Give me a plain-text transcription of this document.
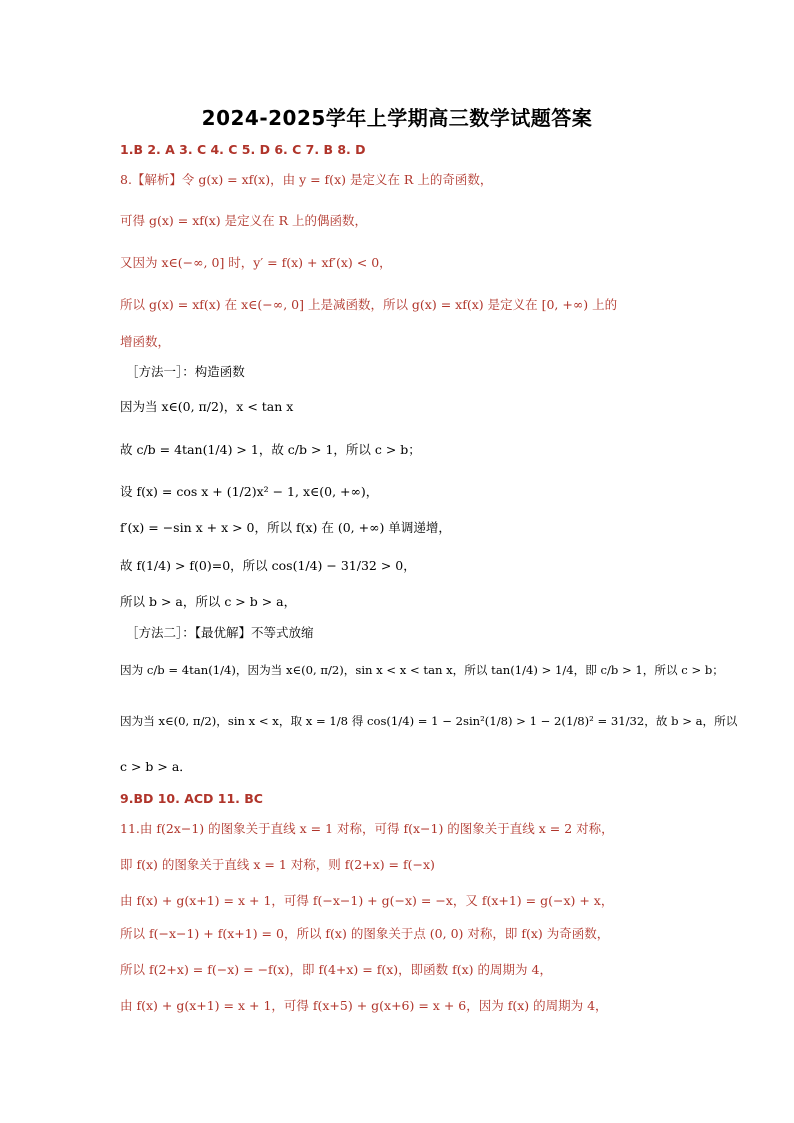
2024-2025学年上学期高三数学试题答案
1.B 2. A 3. C 4. C 5. D 6. C 7. B 8. D
8.【解析】令 g(x) = xf(x)，由 y = f(x) 是定义在 R 上的奇函数，
可得 g(x) = xf(x) 是定义在 R 上的偶函数，
又因为 x∈(−∞, 0] 时，y′ = f(x) + xf′(x) < 0，
所以 g(x) = xf(x) 在 x∈(−∞, 0] 上是减函数，所以 g(x) = xf(x) 是定义在 [0, +∞) 上的
增函数，
［方法一］：构造函数
因为当 x∈(0, π/2)，x < tan x
故 c/b = 4tan(1/4) > 1，故 c/b > 1，所以 c > b；
设 f(x) = cos x + (1/2)x² − 1, x∈(0, +∞)，
f′(x) = −sin x + x > 0，所以 f(x) 在 (0, +∞) 单调递增，
故 f(1/4) > f(0)=0，所以 cos(1/4) − 31/32 > 0，
所以 b > a，所以 c > b > a，
［方法二］：【最优解】不等式放缩
因为 c/b = 4tan(1/4)，因为当 x∈(0, π/2)，sin x < x < tan x，所以 tan(1/4) > 1/4，即 c/b > 1，所以 c > b；
因为当 x∈(0, π/2)，sin x < x，取 x = 1/8 得 cos(1/4) = 1 − 2sin²(1/8) > 1 − 2(1/8)² = 31/32，故 b > a，所以
c > b > a．
9.BD 10. ACD 11. BC
11.由 f(2x−1) 的图象关于直线 x = 1 对称，可得 f(x−1) 的图象关于直线 x = 2 对称，
即 f(x) 的图象关于直线 x = 1 对称，则 f(2+x) = f(−x)
由 f(x) + g(x+1) = x + 1，可得 f(−x−1) + g(−x) = −x，又 f(x+1) = g(−x) + x，
所以 f(−x−1) + f(x+1) = 0，所以 f(x) 的图象关于点 (0, 0) 对称，即 f(x) 为奇函数，
所以 f(2+x) = f(−x) = −f(x)，即 f(4+x) = f(x)，即函数 f(x) 的周期为 4，
由 f(x) + g(x+1) = x + 1，可得 f(x+5) + g(x+6) = x + 6，因为 f(x) 的周期为 4，
